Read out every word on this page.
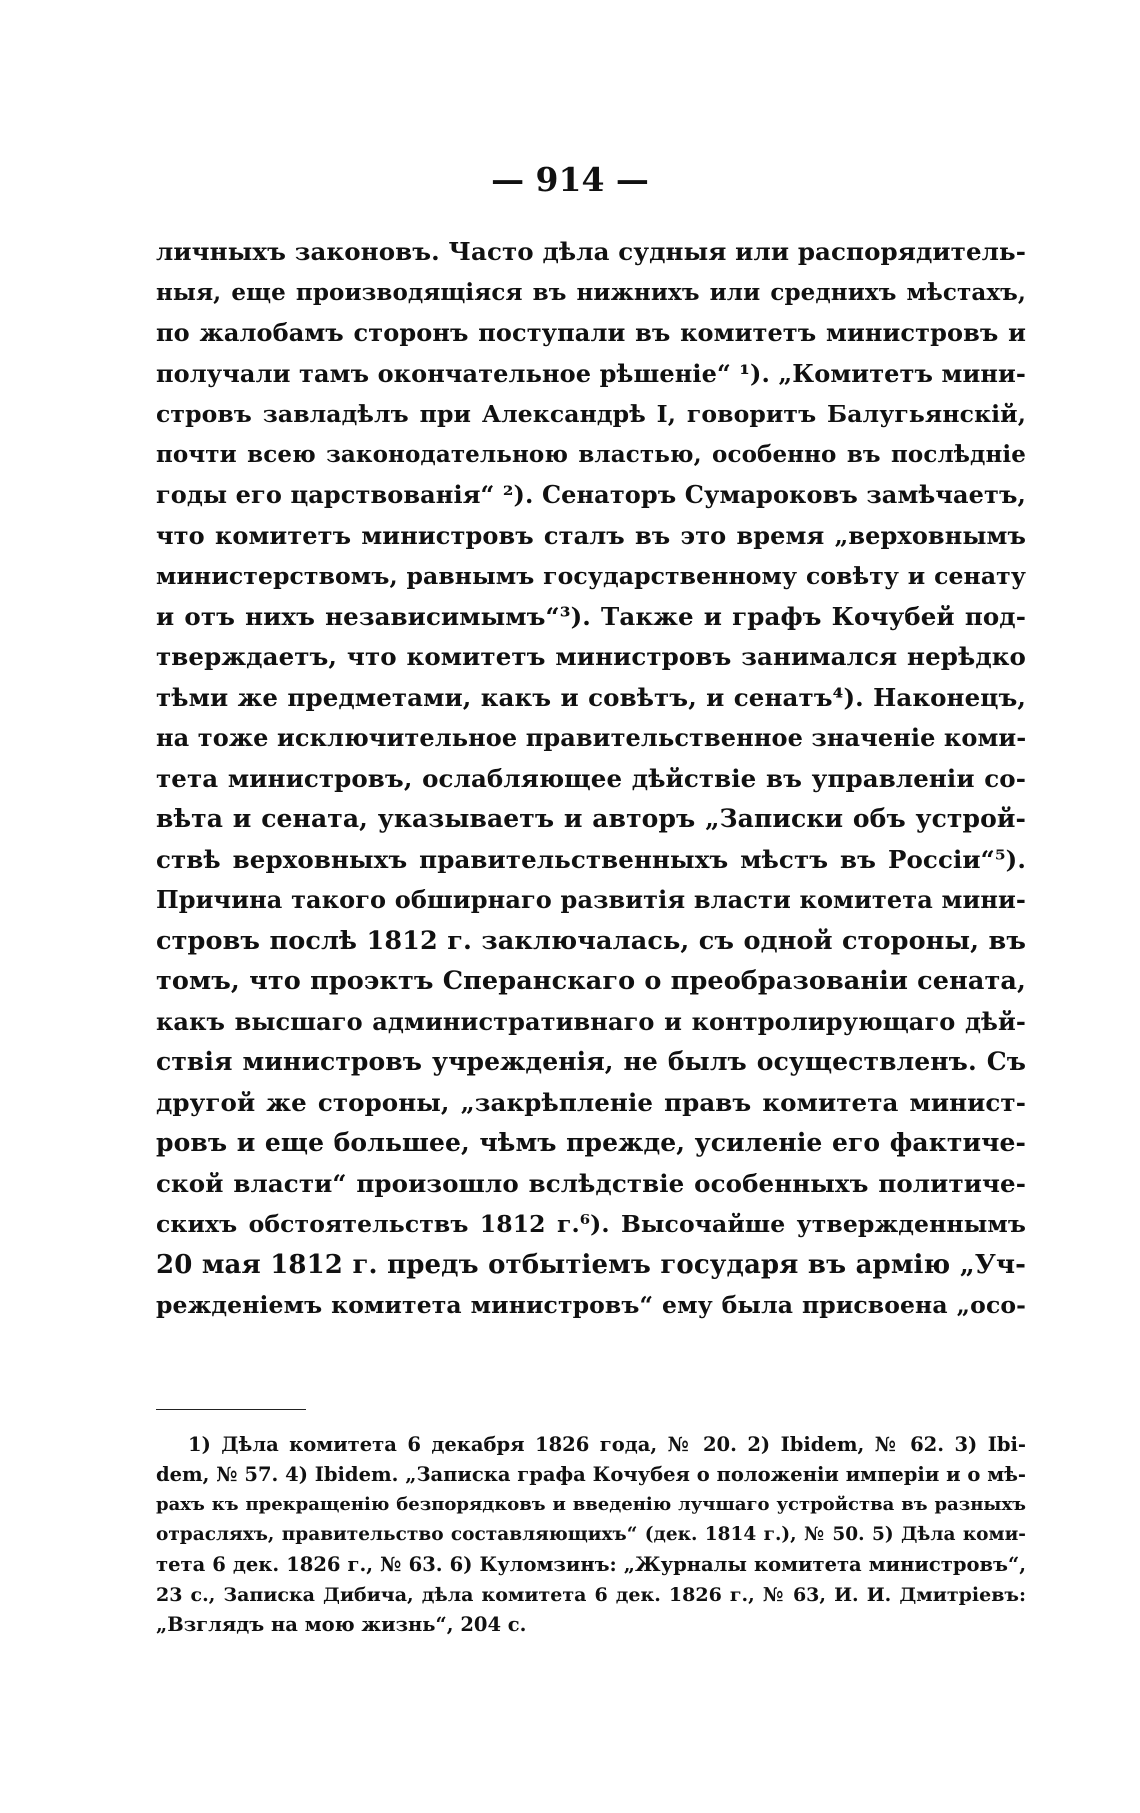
— 914 —
личныхъ законовъ. Часто дѣла судныя или распорядитель-
ныя, еще производящіяся въ нижнихъ или среднихъ мѣстахъ,
по жалобамъ сторонъ поступали въ комитетъ министровъ и
получали тамъ окончательное рѣшеніе“ ¹). „Комитетъ мини-
стровъ завладѣлъ при Александрѣ I, говоритъ Балугьянскій,
почти всею законодательною властью, особенно въ послѣдніе
годы его царствованія“ ²). Сенаторъ Сумароковъ замѣчаетъ,
что комитетъ министровъ сталъ въ это время „верховнымъ
министерствомъ, равнымъ государственному совѣту и сенату
и отъ нихъ независимымъ“³). Также и графъ Кочубей под-
тверждаетъ, что комитетъ министровъ занимался нерѣдко
тѣми же предметами, какъ и совѣтъ, и сенатъ⁴). Наконецъ,
на тоже исключительное правительственное значеніе коми-
тета министровъ, ослабляющее дѣйствіе въ управленіи со-
вѣта и сената, указываетъ и авторъ „Записки объ устрой-
ствѣ верховныхъ правительственныхъ мѣстъ въ Россіи“⁵).
Причина такого обширнаго развитія власти комитета мини-
стровъ послѣ 1812 г. заключалась, съ одной стороны, въ
томъ, что проэктъ Сперанскаго о преобразованіи сената,
какъ высшаго административнаго и контролирующаго дѣй-
ствія министровъ учрежденія, не былъ осуществленъ. Съ
другой же стороны, „закрѣпленіе правъ комитета минист-
ровъ и еще большее, чѣмъ прежде, усиленіе его фактиче-
ской власти“ произошло вслѣдствіе особенныхъ политиче-
скихъ обстоятельствъ 1812 г.⁶). Высочайше утвержденнымъ
20 мая 1812 г. предъ отбытіемъ государя въ армію „Уч-
режденіемъ комитета министровъ“ ему была присвоена „осо-
1) Дѣла комитета 6 декабря 1826 года, № 20. 2) Ibidem, № 62. 3) Ibi-
dem, № 57. 4) Ibidem. „Записка графа Кочубея о положеніи имперіи и о мѣ-
рахъ къ прекращенію безпорядковъ и введенію лучшаго устройства въ разныхъ
отрасляхъ, правительство составляющихъ“ (дек. 1814 г.), № 50. 5) Дѣла коми-
тета 6 дек. 1826 г., № 63. 6) Куломзинъ: „Журналы комитета министровъ“,
23 с., Записка Дибича, дѣла комитета 6 дек. 1826 г., № 63, И. И. Дмитріевъ:
„Взглядъ на мою жизнь“, 204 с.
